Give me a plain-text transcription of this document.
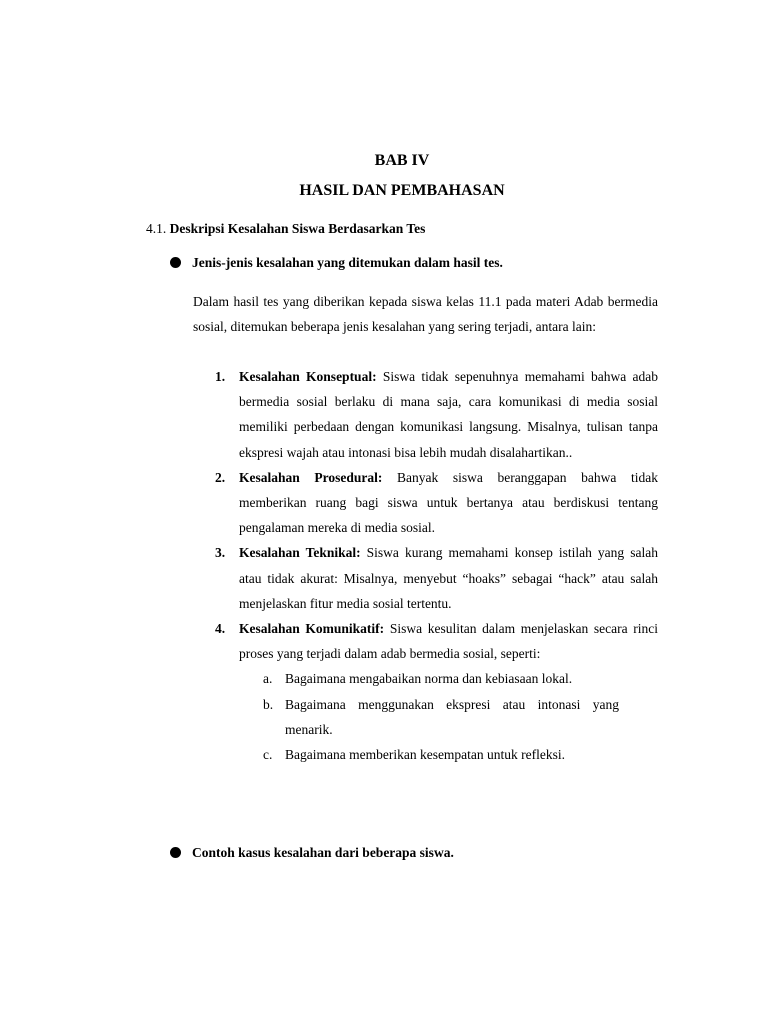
BAB IV
HASIL DAN PEMBAHASAN
4.1. Deskripsi Kesalahan Siswa Berdasarkan Tes
Jenis-jenis kesalahan yang ditemukan dalam hasil tes.
Dalam hasil tes yang diberikan kepada siswa kelas 11.1 pada materi Adab bermedia sosial, ditemukan beberapa jenis kesalahan yang sering terjadi, antara lain:
1. Kesalahan Konseptual: Siswa tidak sepenuhnya memahami bahwa adab bermedia sosial berlaku di mana saja, cara komunikasi di media sosial memiliki perbedaan dengan komunikasi langsung. Misalnya, tulisan tanpa ekspresi wajah atau intonasi bisa lebih mudah disalahartikan..
2. Kesalahan Prosedural: Banyak siswa beranggapan bahwa tidak memberikan ruang bagi siswa untuk bertanya atau berdiskusi tentang pengalaman mereka di media sosial.
3. Kesalahan Teknikal: Siswa kurang memahami konsep istilah yang salah atau tidak akurat: Misalnya, menyebut “hoaks” sebagai “hack” atau salah menjelaskan fitur media sosial tertentu.
4. Kesalahan Komunikatif: Siswa kesulitan dalam menjelaskan secara rinci proses yang terjadi dalam adab bermedia sosial, seperti:
a. Bagaimana mengabaikan norma dan kebiasaan lokal.
b. Bagaimana menggunakan ekspresi atau intonasi yang menarik.
c. Bagaimana memberikan kesempatan untuk refleksi.
Contoh kasus kesalahan dari beberapa siswa.
